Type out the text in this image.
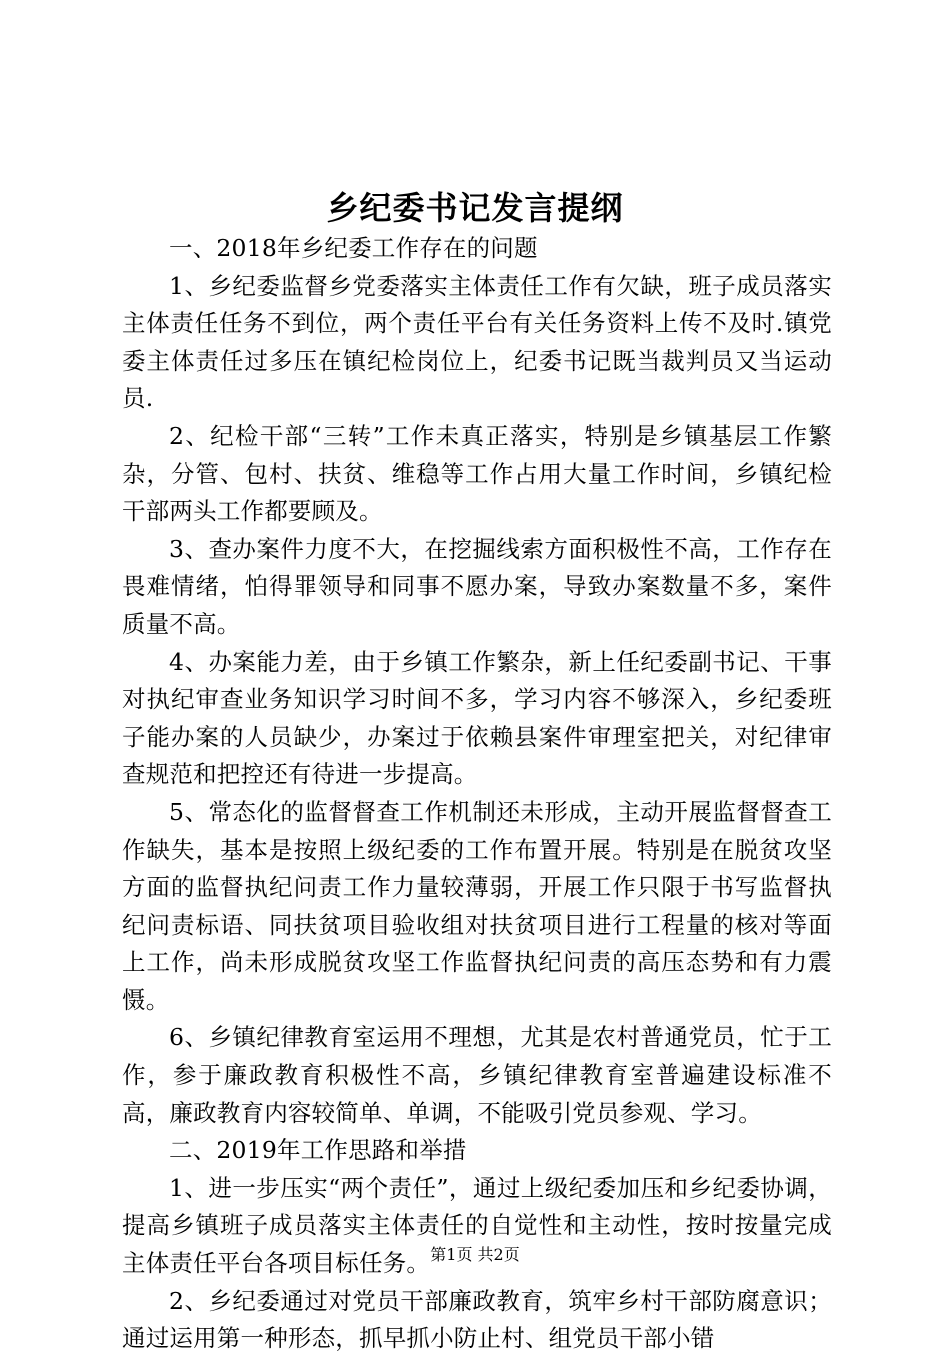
乡纪委书记发言提纲

一、2018年乡纪委工作存在的问题

1、乡纪委监督乡党委落实主体责任工作有欠缺，班子成员落实主体责任任务不到位，两个责任平台有关任务资料上传不及时.镇党委主体责任过多压在镇纪检岗位上，纪委书记既当裁判员又当运动员.

2、纪检干部“三转”工作未真正落实，特别是乡镇基层工作繁杂，分管、包村、扶贫、维稳等工作占用大量工作时间，乡镇纪检干部两头工作都要顾及。

3、查办案件力度不大，在挖掘线索方面积极性不高，工作存在畏难情绪，怕得罪领导和同事不愿办案，导致办案数量不多，案件质量不高。

4、办案能力差，由于乡镇工作繁杂，新上任纪委副书记、干事对执纪审查业务知识学习时间不多，学习内容不够深入，乡纪委班子能办案的人员缺少，办案过于依赖县案件审理室把关，对纪律审查规范和把控还有待进一步提高。

5、常态化的监督督查工作机制还未形成，主动开展监督督查工作缺失，基本是按照上级纪委的工作布置开展。特别是在脱贫攻坚方面的监督执纪问责工作力量较薄弱，开展工作只限于书写监督执纪问责标语、同扶贫项目验收组对扶贫项目进行工程量的核对等面上工作，尚未形成脱贫攻坚工作监督执纪问责的高压态势和有力震慑。

6、乡镇纪律教育室运用不理想，尤其是农村普通党员，忙于工作，参于廉政教育积极性不高，乡镇纪律教育室普遍建设标准不高，廉政教育内容较简单、单调，不能吸引党员参观、学习。

二、2019年工作思路和举措

1、进一步压实“两个责任”，通过上级纪委加压和乡纪委协调，提高乡镇班子成员落实主体责任的自觉性和主动性，按时按量完成主体责任平台各项目标任务。

2、乡纪委通过对党员干部廉政教育，筑牢乡村干部防腐意识；通过运用第一种形态，抓早抓小防止村、组党员干部小错

第1页 共2页
